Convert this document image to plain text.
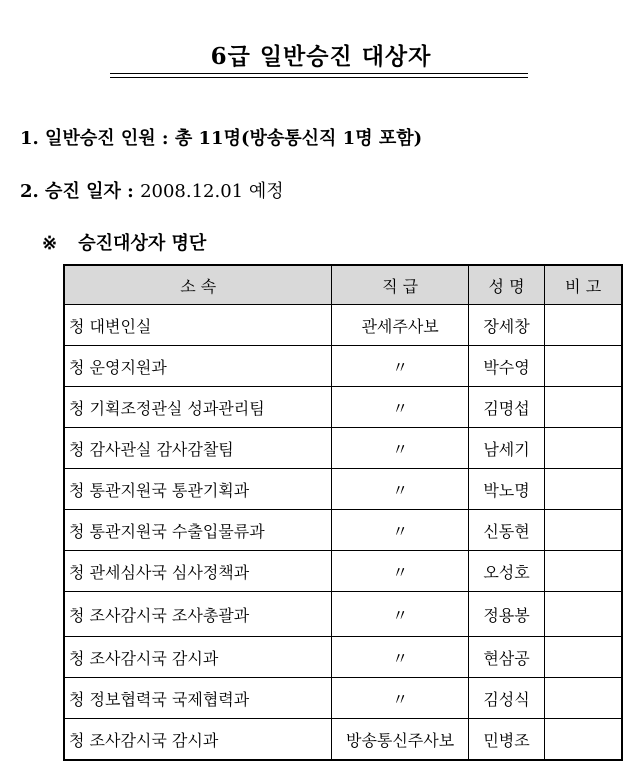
6급 일반승진 대상자
1. 일반승진 인원 : 총 11명(방송통신직 1명 포함)
2. 승진 일자 : 2008.12.01 예정
※ 승진대상자 명단
소 속	직 급	성 명	비 고
청 대변인실	관세주사보	장세창	
청 운영지원과	〃	박수영	
청 기획조정관실 성과관리팀	〃	김명섭	
청 감사관실 감사감찰팀	〃	남세기	
청 통관지원국 통관기획과	〃	박노명	
청 통관지원국 수출입물류과	〃	신동현	
청 관세심사국 심사정책과	〃	오성호	
청 조사감시국 조사총괄과	〃	정용봉	
청 조사감시국 감시과	〃	현삼공	
청 정보협력국 국제협력과	〃	김성식	
청 조사감시국 감시과	방송통신주사보	민병조	
